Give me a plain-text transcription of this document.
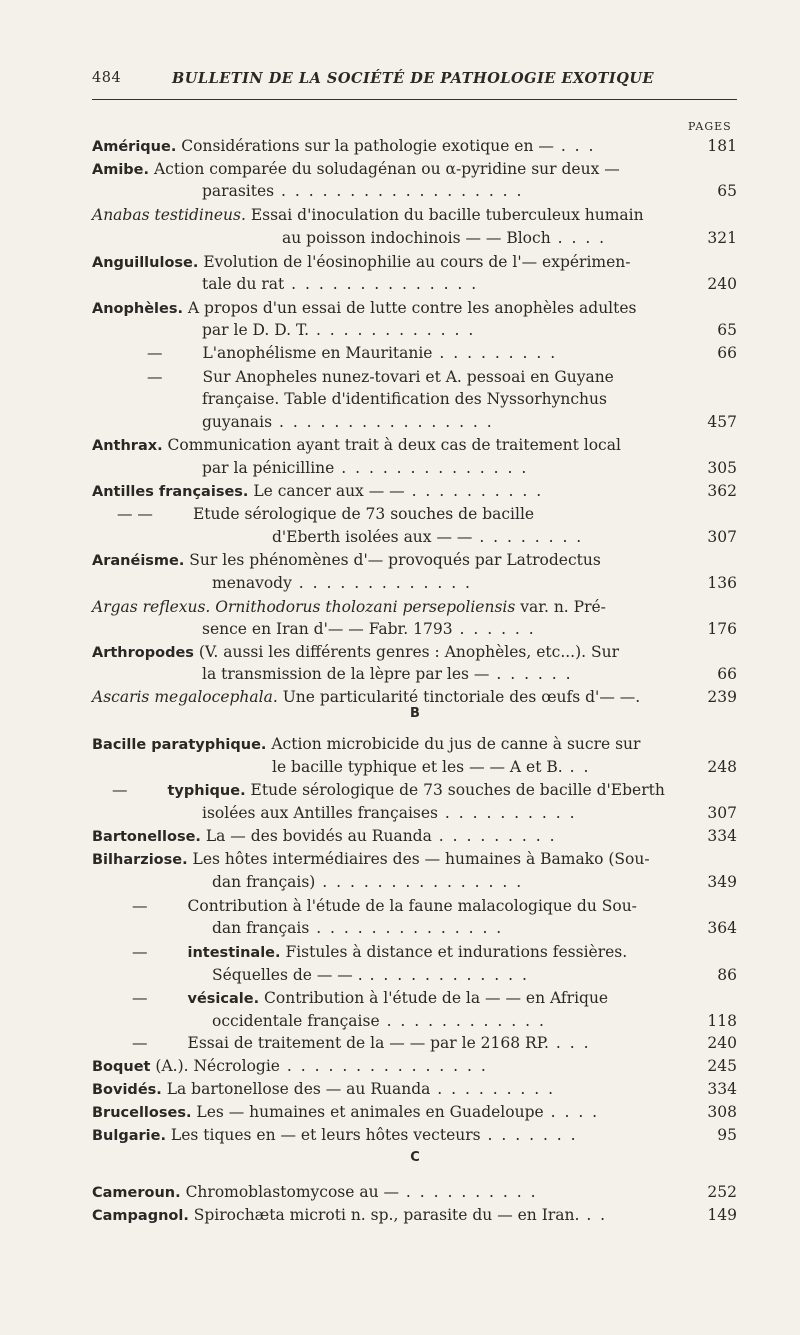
484	BULLETIN DE LA SOCIÉTÉ DE PATHOLOGIE EXOTIQUE
PAGES
B
C
Amérique. Considérations sur la pathologie exotique en — . . .	181
Amibe. Action comparée du soludagénan ou α-pyridine sur deux —
parasites . . . . . . . . . . . . . . . . . .	65
Anabas testidineus. Essai d'inoculation du bacille tuberculeux humain
au poisson indochinois — — Bloch . . . .	321
Anguillulose. Evolution de l'éosinophilie au cours de l'— expérimen-
tale du rat . . . . . . . . . . . . . .	240
Anophèles. A propos d'un essai de lutte contre les anophèles adultes
par le D. D. T. . . . . . . . . . . . .	65
—	L'anophélisme en Mauritanie . . . . . . . . .	66
—	Sur Anopheles nunez-tovari et A. pessoai en Guyane
française. Table d'identification des Nyssorhynchus
guyanais . . . . . . . . . . . . . . . .	457
Anthrax. Communication ayant trait à deux cas de traitement local
par la pénicilline . . . . . . . . . . . . . .	305
Antilles françaises. Le cancer aux — — . . . . . . . . . .	362
— —	Etude sérologique de 73 souches de bacille
d'Eberth isolées aux — — . . . . . . . .	307
Aranéisme. Sur les phénomènes d'— provoqués par Latrodectus
menavody . . . . . . . . . . . . .	136
Argas reflexus. Ornithodorus tholozani persepoliensis var. n. Pré-
sence en Iran d'— — Fabr. 1793 . . . . . .	176
Arthropodes (V. aussi les différents genres : Anophèles, etc...). Sur
la transmission de la lèpre par les — . . . . . .	66
Ascaris megalocephala. Une particularité tinctoriale des œufs d'— —.	239
Bacille paratyphique. Action microbicide du jus de canne à sucre sur
le bacille typhique et les — — A et B. . .	248
—	typhique. Etude sérologique de 73 souches de bacille d'Eberth
isolées aux Antilles françaises . . . . . . . . . .	307
Bartonellose. La — des bovidés au Ruanda . . . . . . . . .	334
Bilharziose. Les hôtes intermédiaires des — humaines à Bamako (Sou-
dan français) . . . . . . . . . . . . . . .	349
—	Contribution à l'étude de la faune malacologique du Sou-
dan français . . . . . . . . . . . . . .	364
—	intestinale. Fistules à distance et indurations fessières.
Séquelles de — — . . . . . . . . . . . . .	86
—	vésicale. Contribution à l'étude de la — — en Afrique
occidentale française . . . . . . . . . . . .	118
—	Essai de traitement de la — — par le 2168 RP. . . .	240
Boquet (A.). Nécrologie . . . . . . . . . . . . . . .	245
Bovidés. La bartonellose des — au Ruanda . . . . . . . . .	334
Brucelloses. Les — humaines et animales en Guadeloupe . . . .	308
Bulgarie. Les tiques en — et leurs hôtes vecteurs . . . . . . .	95
Cameroun. Chromoblastomycose au — . . . . . . . . . .	252
Campagnol. Spirochæta microti n. sp., parasite du — en Iran. . .	149
